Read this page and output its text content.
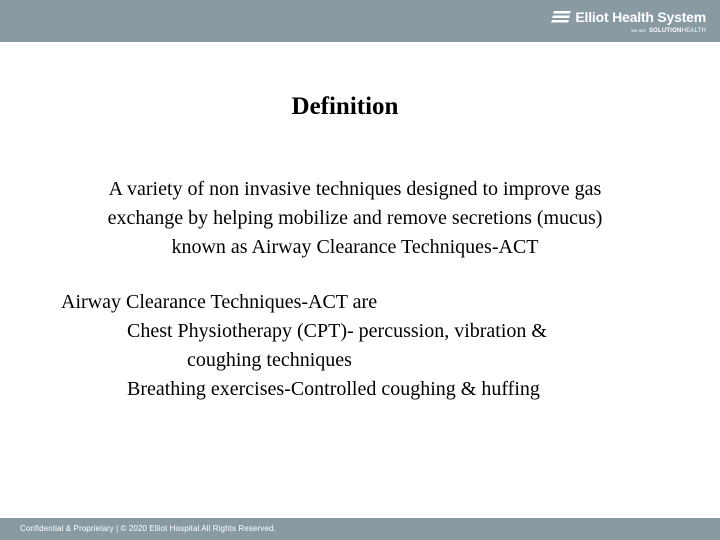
Elliot Health System
we are SOLUTIONHEALTH
Definition
A variety of non invasive techniques designed to improve gas
exchange by helping mobilize and remove secretions (mucus)
known as Airway Clearance Techniques-ACT

Airway Clearance Techniques-ACT are

Chest Physiotherapy (CPT)- percussion, vibration &

coughing techniques

Breathing exercises-Controlled coughing & huffing

Confidential & Proprietary | © 2020 Elliot Hospital All Rights Reserved.
